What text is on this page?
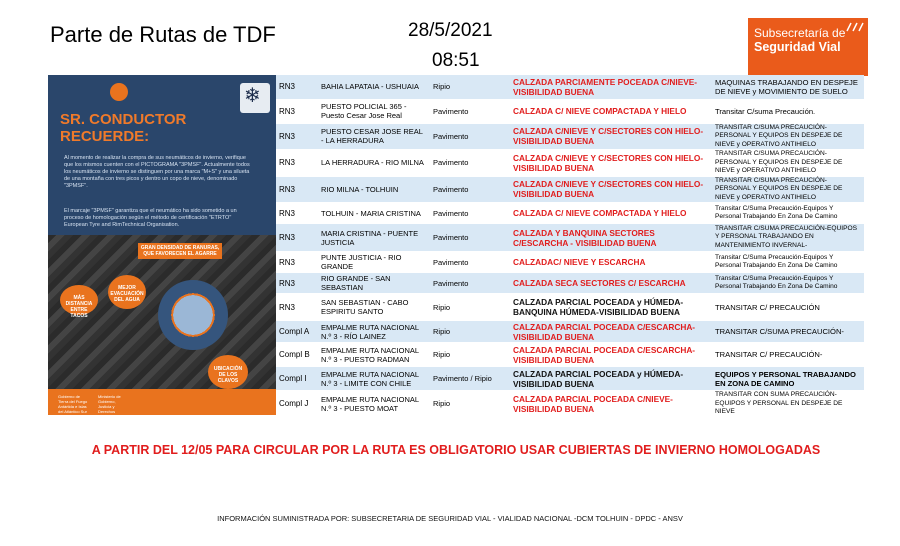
Parte de Rutas de TDF	28/5/2021
08:51
Subsecretaría de
Seguridad Vial
❄
SR. CONDUCTOR RECUERDE:
Al momento de realizar la compra de sus neumáticos de invierno, verifique que los mismos cuenten con el PICTOGRAMA "3PMSF". Actualmente todos los neumáticos de invierno se distinguen por una marca "M+S" y una silueta de una montaña con tres picos y dentro un copo de nieve, denominado "3PMSF".
El marcaje "3PMSF" garantiza que el neumático ha sido sometido a un proceso de homologación según el método de certificación "ETRTO" European Tyre and RimTechnical Organisation.
GRAN DENSIDAD DE RANURAS, QUE FAVORECEN EL AGARRE
MÁS DISTANCIA ENTRE TACOS
MEJOR EVACUACIÓN DEL AGUA
UBICACIÓN DE LOS CLAVOS
Gobierno de Tierra del Fuego Antártida e Islas del Atlántico Sur
Ministerio de Gobierno, Justicia y Derechos Humanos
RN3	BAHIA LAPATAIA - USHUAIA	Ripio	CALZADA PARCIAMENTE POCEADA C/NIEVE-VISIBILIDAD BUENA	MAQUINAS TRABAJANDO EN DESPEJE DE NIEVE y MOVIMIENTO DE SUELO
RN3	PUESTO POLICIAL 365 - Puesto Cesar Jose Real	Pavimento	CALZADA C/ NIEVE COMPACTADA Y HIELO	Transitar C/suma Precaución.
RN3	PUESTO CESAR JOSE REAL - LA HERRADURA	Pavimento	CALZADA C/NIEVE Y C/SECTORES CON HIELO-VISIBILIDAD BUENA	TRANSITAR C/SUMA PRECAUCIÓN-PERSONAL Y EQUIPOS EN DESPEJE DE NIEVE y OPERATIVO ANTIHIELO
RN3	LA HERRADURA - RIO MILNA	Pavimento	CALZADA C/NIEVE Y C/SECTORES CON HIELO-VISIBILIDAD BUENA	TRANSITAR C/SUMA PRECAUCIÓN-PERSONAL Y EQUIPOS EN DESPEJE DE NIEVE y OPERATIVO ANTIHIELO
RN3	RIO MILNA - TOLHUIN	Pavimento	CALZADA C/NIEVE Y C/SECTORES CON HIELO-VISIBILIDAD BUENA	TRANSITAR C/SUMA PRECAUCIÓN-PERSONAL Y EQUIPOS EN DESPEJE DE NIEVE y OPERATIVO ANTIHIELO
RN3	TOLHUIN - MARIA CRISTINA	Pavimento	CALZADA C/ NIEVE COMPACTADA Y HIELO	Transitar C/Suma Precaución-Equipos Y Personal Trabajando En Zona De Camino
RN3	MARIA CRISTINA - PUENTE JUSTICIA	Pavimento	CALZADA Y BANQUINA SECTORES C/ESCARCHA - VISIBILIDAD BUENA	TRANSITAR C/SUMA PRECAUCIÓN-EQUIPOS Y PERSONAL TRABAJANDO EN MANTENIMIENTO INVERNAL-
RN3	PUNTE JUSTICIA - RIO GRANDE	Pavimento	CALZADAC/ NIEVE Y ESCARCHA	Transitar C/Suma Precaución-Equipos Y Personal Trabajando En Zona De Camino
RN3	RIO GRANDE - SAN SEBASTIAN	Pavimento	CALZADA SECA SECTORES C/ ESCARCHA	Transitar C/Suma Precaución-Equipos Y Personal Trabajando En Zona De Camino
RN3	SAN SEBASTIAN - CABO ESPIRITU SANTO	Ripio	CALZADA PARCIAL POCEADA y HÚMEDA-BANQUINA HÚMEDA-VISIBILIDAD BUENA	TRANSITAR C/ PRECAUCIÓN
Compl A	EMPALME RUTA NACIONAL N.º 3 - RÍO LAINEZ	Ripio	CALZADA PARCIAL POCEADA C/ESCARCHA-VISIBILIDAD BUENA	TRANSITAR C/SUMA PRECAUCIÓN-
Compl B	EMPALME RUTA NACIONAL N.º 3 - PUESTO RADMAN	Ripio	CALZADA PARCIAL POCEADA C/ESCARCHA-VISIBILIDAD BUENA	TRANSITAR C/ PRECAUCIÓN-
Compl I	EMPALME RUTA NACIONAL N.º 3 - LIMITE CON CHILE	Pavimento / Ripio	CALZADA PARCIAL POCEADA y HÚMEDA-VISIBILIDAD BUENA	EQUIPOS Y PERSONAL TRABAJANDO EN ZONA DE CAMINO
Compl J	EMPALME RUTA NACIONAL N.º 3 - PUESTO MOAT	Ripio	CALZADA PARCIAL POCEADA C/NIEVE-VISIBILIDAD BUENA	TRANSITAR CON SUMA PRECAUCIÓN-EQUIPOS Y PERSONAL EN DESPEJE DE NIEVE
A PARTIR DEL 12/05 PARA CIRCULAR POR LA RUTA ES OBLIGATORIO USAR CUBIERTAS DE INVIERNO HOMOLOGADAS
INFORMACIÓN SUMINISTRADA POR: SUBSECRETARIA DE SEGURIDAD VIAL - VIALIDAD NACIONAL -DCM TOLHUIN - DPDC - ANSV
